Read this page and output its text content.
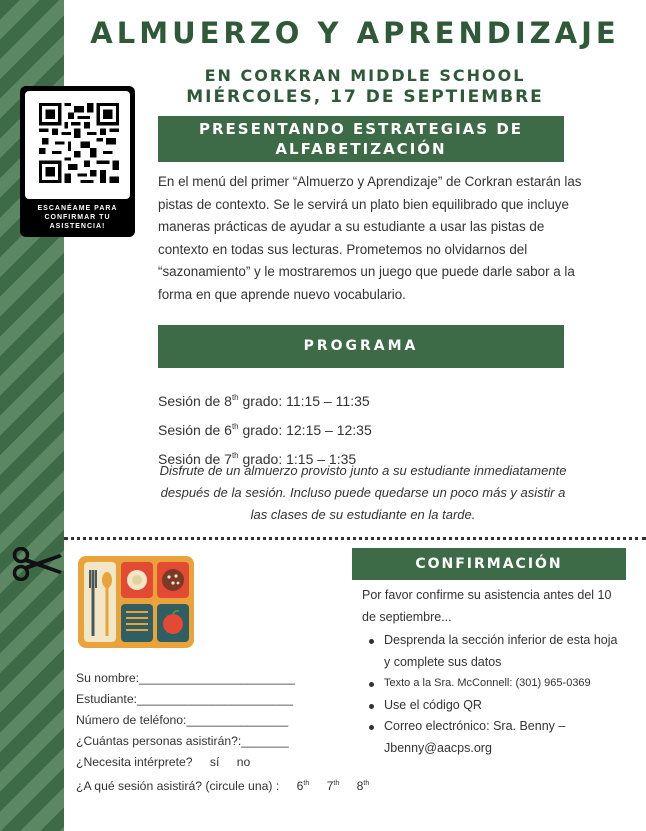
ALMUERZO Y APRENDIZAJE
EN CORKRAN MIDDLE SCHOOL
MIÉRCOLES, 17 DE SEPTIEMBRE
ESCANÉAME PARA CONFIRMAR TU ASISTENCIA!
PRESENTANDO ESTRATEGIAS DE ALFABETIZACIÓN
En el menú del primer “Almuerzo y Aprendizaje” de Corkran estarán las pistas de contexto. Se le servirá un plato bien equilibrado que incluye maneras prácticas de ayudar a su estudiante a usar las pistas de contexto en todas sus lecturas. Prometemos no olvidarnos del “sazonamiento” y le mostraremos un juego que puede darle sabor a la forma en que aprende nuevo vocabulario.
PROGRAMA
Sesión de 8th grado: 11:15 – 11:35
Sesión de 6th grado: 12:15 – 12:35
Sesión de 7th grado: 1:15 – 1:35
Disfrute de un almuerzo provisto junto a su estudiante inmediatamente después de la sesión. Incluso puede quedarse un poco más y asistir a las clases de su estudiante en la tarde.
CONFIRMACIÓN
Por favor confirme su asistencia antes del 10 de septiembre...
Desprenda la sección inferior de esta hoja y complete sus datos
Texto a la Sra. McConnell: (301) 965-0369
Use el código QR
Correo electrónico: Sra. Benny – Jbenny@aacps.org
Su nombre:_______________________
Estudiante:_______________________
Número de teléfono:_______________
¿Cuántas personas asistirán?:_______
¿Necesita intérprete? sí no
¿A qué sesión asistirá? (circule una) : 6th 7th 8th
